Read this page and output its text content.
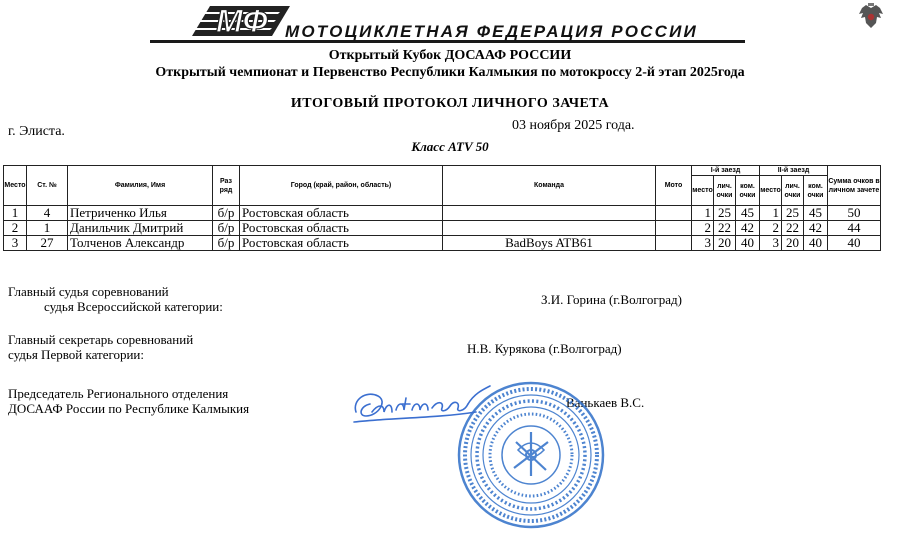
МФ МОТОЦИКЛЕТНАЯ ФЕДЕРАЦИЯ РОССИИ
Открытый Кубок ДОСААФ РОССИИ
Открытый чемпионат и Первенство Республики Калмыкия по мотокроссу 2-й этап 2025года
ИТОГОВЫЙ ПРОТОКОЛ ЛИЧНОГО ЗАЧЕТА
03 ноября 2025 года.
г. Элиста.
Класс ATV 50
Место	Ст. №	Фамилия, Имя	Раз ряд	Город (край, район, область)	Команда	Мото	I-й заезд			II-й заезд			Сумма очков в личном зачете
							место	лич. очки	ком. очки	место	лич. очки	ком. очки	
1	4	Петриченко Илья	б/р	Ростовская область			1	25	45	1	25	45	50
2	1	Данильчик Дмитрий	б/р	Ростовская область			2	22	42	2	22	42	44
3	27	Толченов Александр	б/р	Ростовская область	BadBoys ATB61		3	20	40	3	20	40	40
Главный судья соревнований
судья Всероссийской категории:	З.И. Горина (г.Волгоград)
Главный секретарь соревнований
судья Первой категории:	Н.В. Курякова (г.Волгоград)
Председатель Регионального отделения
ДОСААФ России по Республике Калмыкия	Ванькаев В.С.
